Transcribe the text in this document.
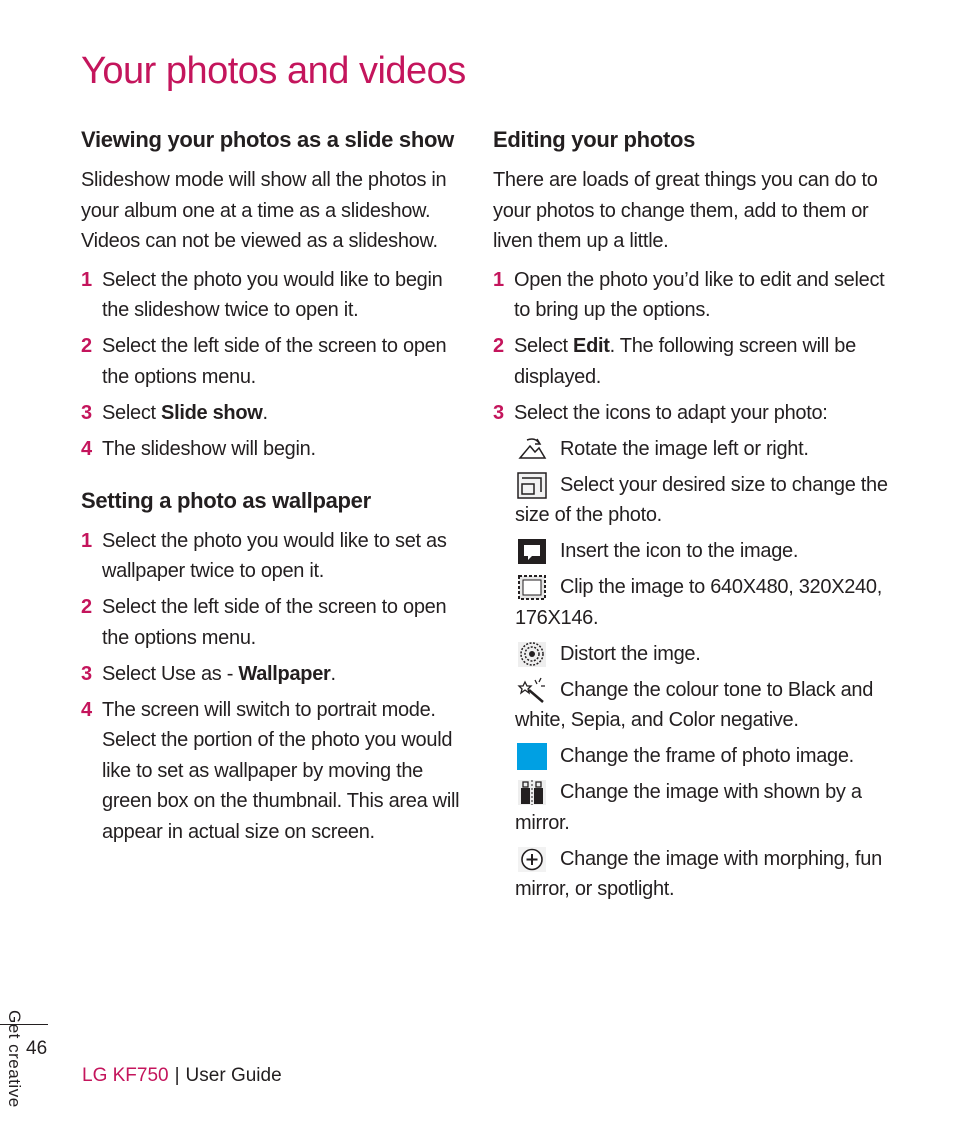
Your photos and videos
Viewing your photos as a slide show

Slideshow mode will show all the photos in your album one at a time as a slideshow. Videos can not be viewed as a slideshow.

1 Select the photo you would like to begin the slideshow twice to open it.
2 Select the left side of the screen to open the options menu.
3 Select Slide show.
4 The slideshow will begin.
Setting a photo as wallpaper
1 Select the photo you would like to set as wallpaper twice to open it.
2 Select the left side of the screen to open the options menu.
3 Select Use as - Wallpaper.
4 The screen will switch to portrait mode. Select the portion of the photo you would like to set as wallpaper by moving the green box on the thumbnail. This area will appear in actual size on screen.
Editing your photos

There are loads of great things you can do to your photos to change them, add to them or liven them up a little.

1 Open the photo you’d like to edit and select to bring up the options.
2 Select Edit. The following screen will be displayed.
3 Select the icons to adapt your photo:
Rotate the image left or right.
Select your desired size to change the size of the photo.
Insert the icon to the image.
Clip the image to 640X480, 320X240, 176X146.
Distort the imge.
Change the colour tone to Black and white, Sepia, and Color negative.
Change the frame of photo image.
Change the image with shown by a mirror.
Change the image with morphing, fun mirror, or spotlight.
Get creative 46
LG KF750 | User Guide
